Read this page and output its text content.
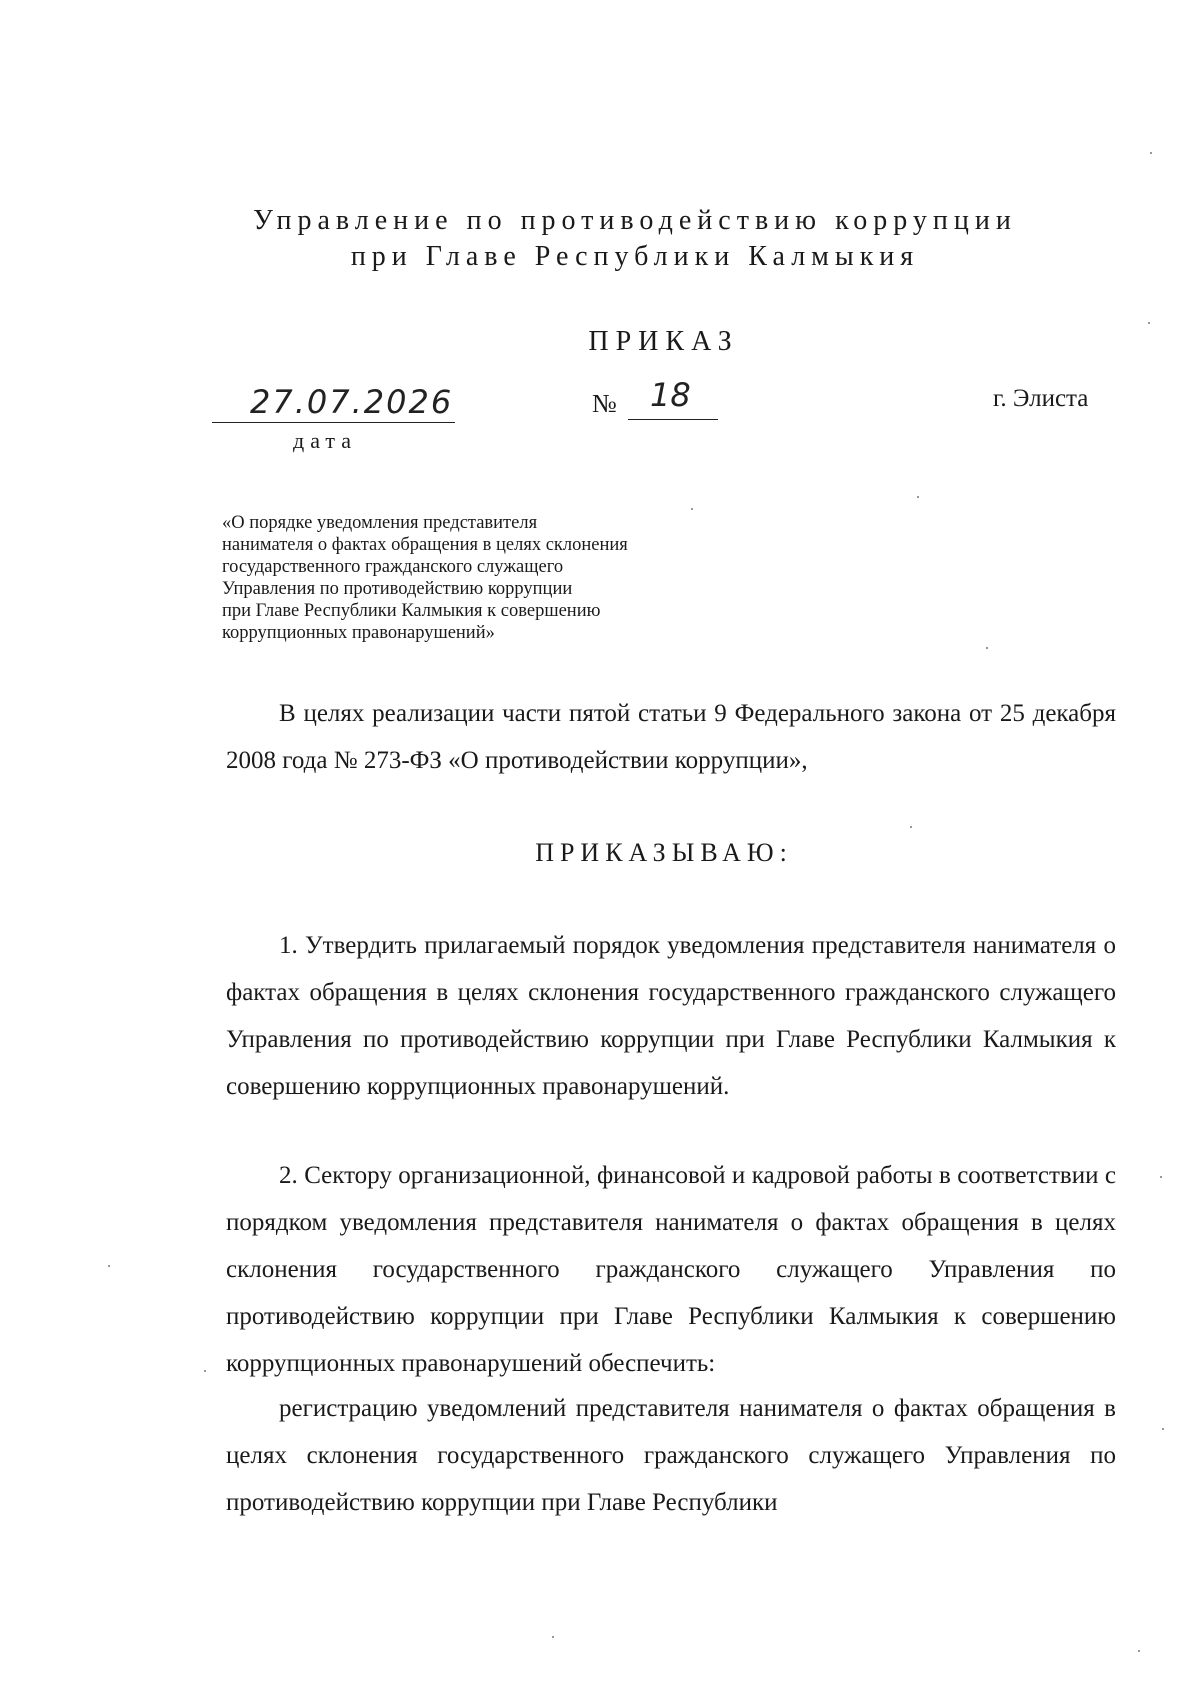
Управление по противодействию коррупции
при Главе Республики Калмыкия
ПРИКАЗ
27.07.2026
дата
№ 18	г. Элиста
«О порядке уведомления представителя
нанимателя о фактах обращения в целях склонения
государственного гражданского служащего
Управления по противодействию коррупции
при Главе Республики Калмыкия к совершению
коррупционных правонарушений»
В целях реализации части пятой статьи 9 Федерального закона от 25 декабря 2008 года № 273-ФЗ «О противодействии коррупции»,
ПРИКАЗЫВАЮ:
1. Утвердить прилагаемый порядок уведомления представителя нанимателя о фактах обращения в целях склонения государственного гражданского служащего Управления по противодействию коррупции при Главе Республики Калмыкия к совершению коррупционных правонарушений.
2. Сектору организационной, финансовой и кадровой работы в соответствии с порядком уведомления представителя нанимателя о фактах обращения в целях склонения государственного гражданского служащего Управления по противодействию коррупции при Главе Республики Калмыкия к совершению коррупционных правонарушений обеспечить:
регистрацию уведомлений представителя нанимателя о фактах обращения в целях склонения государственного гражданского служащего Управления по противодействию коррупции при Главе Республики
